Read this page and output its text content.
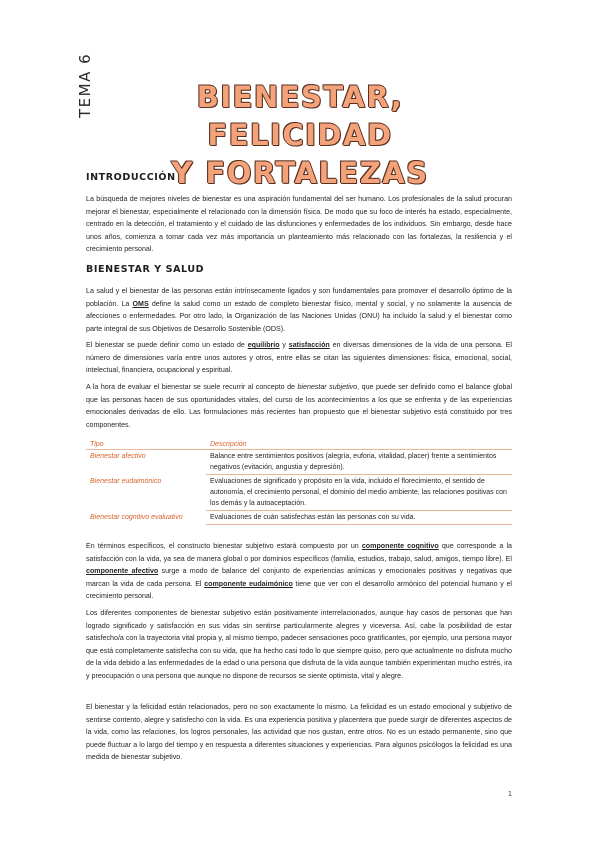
TEMA 6	BIENESTAR, FELICIDAD
Y FORTALEZAS
INTRODUCCIÓN

La búsqueda de mejores niveles de bienestar es una aspiración fundamental del ser humano. Los profesionales de la salud procuran mejorar el bienestar, especialmente el relacionado con la dimensión física. De modo que su foco de interés ha estado, especialmente, centrado en la detección, el tratamiento y el cuidado de las disfunciones y enfermedades de los individuos. Sin embargo, desde hace unos años, comienza a tomar cada vez más importancia un planteamiento más relacionado con las fortalezas, la resiliencia y el crecimiento personal.

BIENESTAR Y SALUD

La salud y el bienestar de las personas están intrínsecamente ligados y son fundamentales para promover el desarrollo óptimo de la población. La OMS define la salud como un estado de completo bienestar físico, mental y social, y no solamente la ausencia de afecciones o enfermedades. Por otro lado, la Organización de las Naciones Unidas (ONU) ha incluido la salud y el bienestar como parte integral de sus Objetivos de Desarrollo Sostenible (ODS).

El bienestar se puede definir como un estado de equilibrio y satisfacción en diversas dimensiones de la vida de una persona. El número de dimensiones varía entre unos autores y otros, entre ellas se citan las siguientes dimensiones: física, emocional, social, intelectual, financiera, ocupacional y espiritual.

A la hora de evaluar el bienestar se suele recurrir al concepto de bienestar subjetivo, que puede ser definido como el balance global que las personas hacen de sus oportunidades vitales, del curso de los acontecimientos a los que se enfrenta y de las experiencias emocionales derivadas de ello. Las formulaciones más recientes han propuesto que el bienestar subjetivo está constituido por tres componentes.

Tipo	Descripción
Bienestar afectivo	Balance entre sentimientos positivos (alegría, euforia, vitalidad, placer) frente a sentimientos negativos (evitación, angustia y depresión).
Bienestar eudaimónico	Evaluaciones de significado y propósito en la vida, incluido el florecimiento, el sentido de autonomía, el crecimiento personal, el dominio del medio ambiente, las relaciones positivas con los demás y la autoaceptación.
Bienestar cognitivo evaluativo	Evaluaciones de cuán satisfechas están las personas con su vida.

En términos específicos, el constructo bienestar subjetivo estará compuesto por un componente cognitivo que corresponde a la satisfacción con la vida, ya sea de manera global o por dominios específicos (familia, estudios, trabajo, salud, amigos, tiempo libre). El componente afectivo surge a modo de balance del conjunto de experiencias anímicas y emocionales positivas y negativas que marcan la vida de cada persona. El componente eudaimónico tiene que ver con el desarrollo armónico del potencial humano y el crecimiento personal.

Los diferentes componentes de bienestar subjetivo están positivamente interrelacionados, aunque hay casos de personas que han logrado significado y satisfacción en sus vidas sin sentirse particularmente alegres y viceversa. Así, cabe la posibilidad de estar satisfecho/a con la trayectoria vital propia y, al mismo tiempo, padecer sensaciones poco gratificantes, por ejemplo, una persona mayor que está completamente satisfecha con su vida, que ha hecho casi todo lo que siempre quiso, pero que actualmente no disfruta mucho de la vida debido a las enfermedades de la edad o una persona que disfruta de la vida aunque también experimentan mucho estrés, ira y preocupación o una persona que aunque no dispone de recursos se siente optimista, vital y alegre.

El bienestar y la felicidad están relacionados, pero no son exactamente lo mismo. La felicidad es un estado emocional y subjetivo de sentirse contento, alegre y satisfecho con la vida. Es una experiencia positiva y placentera que puede surgir de diferentes aspectos de la vida, como las relaciones, los logros personales, las actividad que nos gustan, entre otros. No es un estado permanente, sino que puede fluctuar a lo largo del tiempo y en respuesta a diferentes situaciones y experiencias. Para algunos psicólogos la felicidad es una medida de bienestar subjetivo.

1
